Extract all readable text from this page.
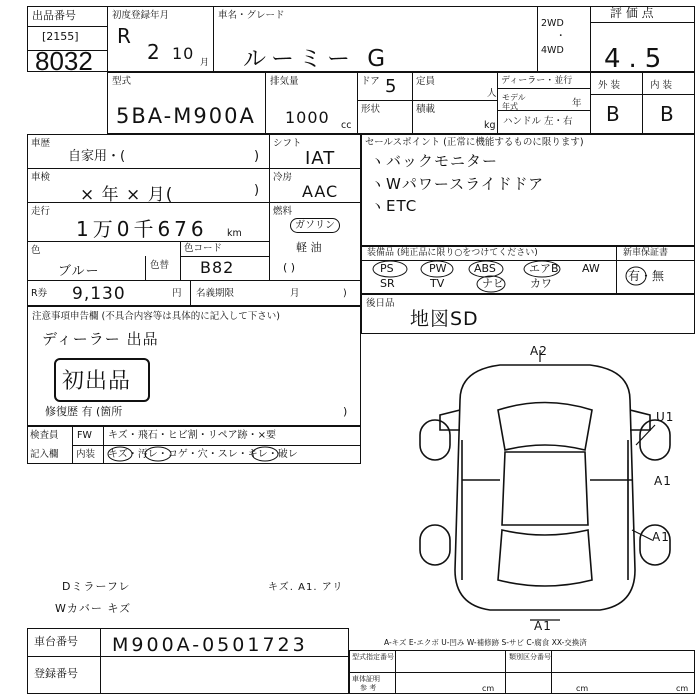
出品番号
[2155]
8032
初度登録年月
R
2 10 月
車名・グレード
ルーミー G
2WD
・
4WD
評 価 点
4.5
型式
5BA-M900A
排気量
1000 cc
ドア 5 定員
人
形状	積載
kg
ディーラー・並行
モデル 年式	年
ハンドル 左・右
外 装	内 装
B B
車歴
自家用・(	)
車検
× 年 × 月(	)
走行
1万0千676 km
色
ブルー	色替
色コード
B82
シフト
IAT
冷房
AAC
燃料
ガソリン
軽 油
( )
R券 9,130	円 名義期限	月	)
セールスポイント (正常に機能するものに限ります)
ヽバックモニター
ヽWパワースライドドア
ヽETC
装備品 (純正品に限り○をつけてください)	新車保証書
有・無
PS	PW ABS	エアB AW
SR	TV	ナビ カワ
後日品
地図SD
注意事項申告欄 (不具合内容等は具体的に記入して下さい)
ディーラー 出品
初出品
修復歴 有 (箇所	)
検査員
記入欄
FW
内装
キズ・飛石・ヒビ割・リペア跡・×要
キズ・汚レ・コゲ・穴・スレ・キレ・破レ
A2
U1
A1
A1
A1
Dミラーフレ
Wカバー キズ
キズ. A1. アリ
A-キズ E-エクボ U-凹み W-補修跡 S-サビ C-腐食 XX-交換済
車台番号 M900A-0501723
登録番号
型式指定番号	類別区分番号
車体証明
参 考	cm	cm	cm
